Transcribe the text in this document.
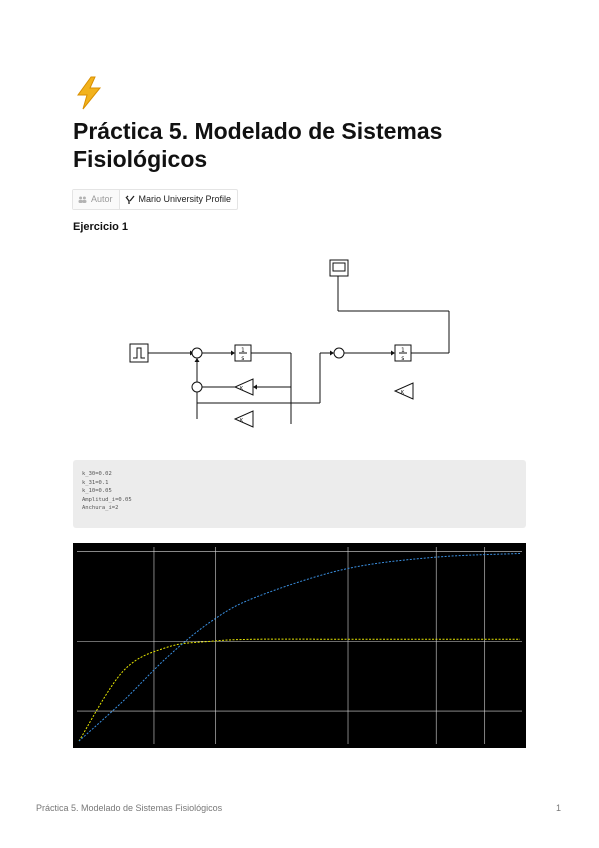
Práctica 5. Modelado de Sistemas Fisiológicos
Autor	Mario University Profile
Ejercicio 1
1
s
1
s
K
K
K
k_30=0.02
k_31=0.1
k_10=0.05
Amplitud_i=0.05
Anchura_i=2
Práctica 5. Modelado de Sistemas Fisiológicos	1
